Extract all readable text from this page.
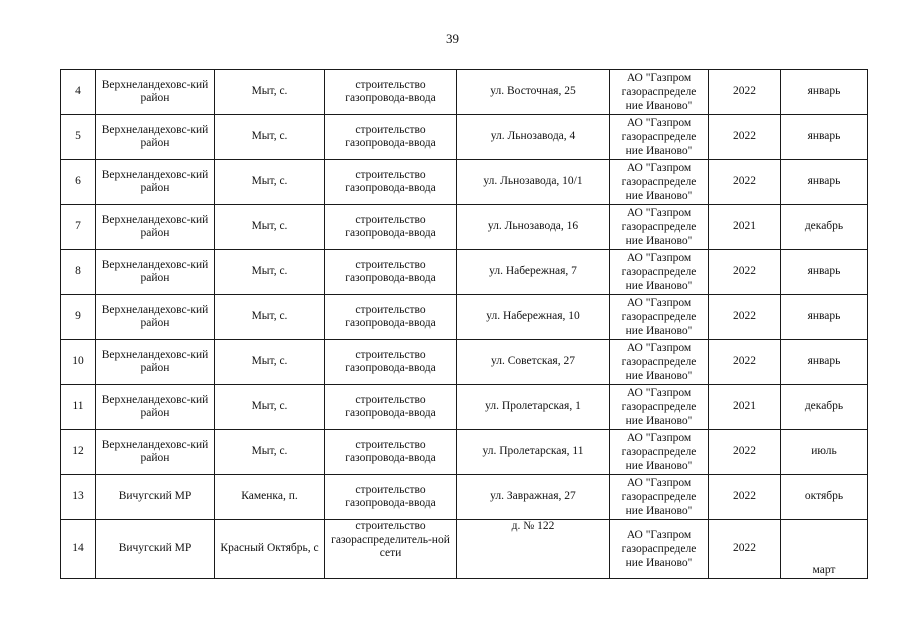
39
4	Верхнеландеховс-кий район	Мыт, с.	строительство газопровода-ввода	ул. Восточная, 25	АО "Газпром газораспределе ние Иваново"	2022	январь
5	Верхнеландеховс-кий район	Мыт, с.	строительство газопровода-ввода	ул. Льнозавода, 4	АО "Газпром газораспределе ние Иваново"	2022	январь
6	Верхнеландеховс-кий район	Мыт, с.	строительство газопровода-ввода	ул. Льнозавода, 10/1	АО "Газпром газораспределе ние Иваново"	2022	январь
7	Верхнеландеховс-кий район	Мыт, с.	строительство газопровода-ввода	ул. Льнозавода, 16	АО "Газпром газораспределе ние Иваново"	2021	декабрь
8	Верхнеландеховс-кий район	Мыт, с.	строительство газопровода-ввода	ул. Набережная, 7	АО "Газпром газораспределе ние Иваново"	2022	январь
9	Верхнеландеховс-кий район	Мыт, с.	строительство газопровода-ввода	ул. Набережная, 10	АО "Газпром газораспределе ние Иваново"	2022	январь
10	Верхнеландеховс-кий район	Мыт, с.	строительство газопровода-ввода	ул. Советская, 27	АО "Газпром газораспределе ние Иваново"	2022	январь
11	Верхнеландеховс-кий район	Мыт, с.	строительство газопровода-ввода	ул. Пролетарская, 1	АО "Газпром газораспределе ние Иваново"	2021	декабрь
12	Верхнеландеховс-кий район	Мыт, с.	строительство газопровода-ввода	ул. Пролетарская, 11	АО "Газпром газораспределе ние Иваново"	2022	июль
13	Вичугский МР	Каменка, п.	строительство газопровода-ввода	ул. Завражная, 27	АО "Газпром газораспределе ние Иваново"	2022	октябрь
14	Вичугский МР	Красный Октябрь, с	строительство газораспределитель-ной сети	д. № 122	АО "Газпром газораспределе ние Иваново"	2022	март
